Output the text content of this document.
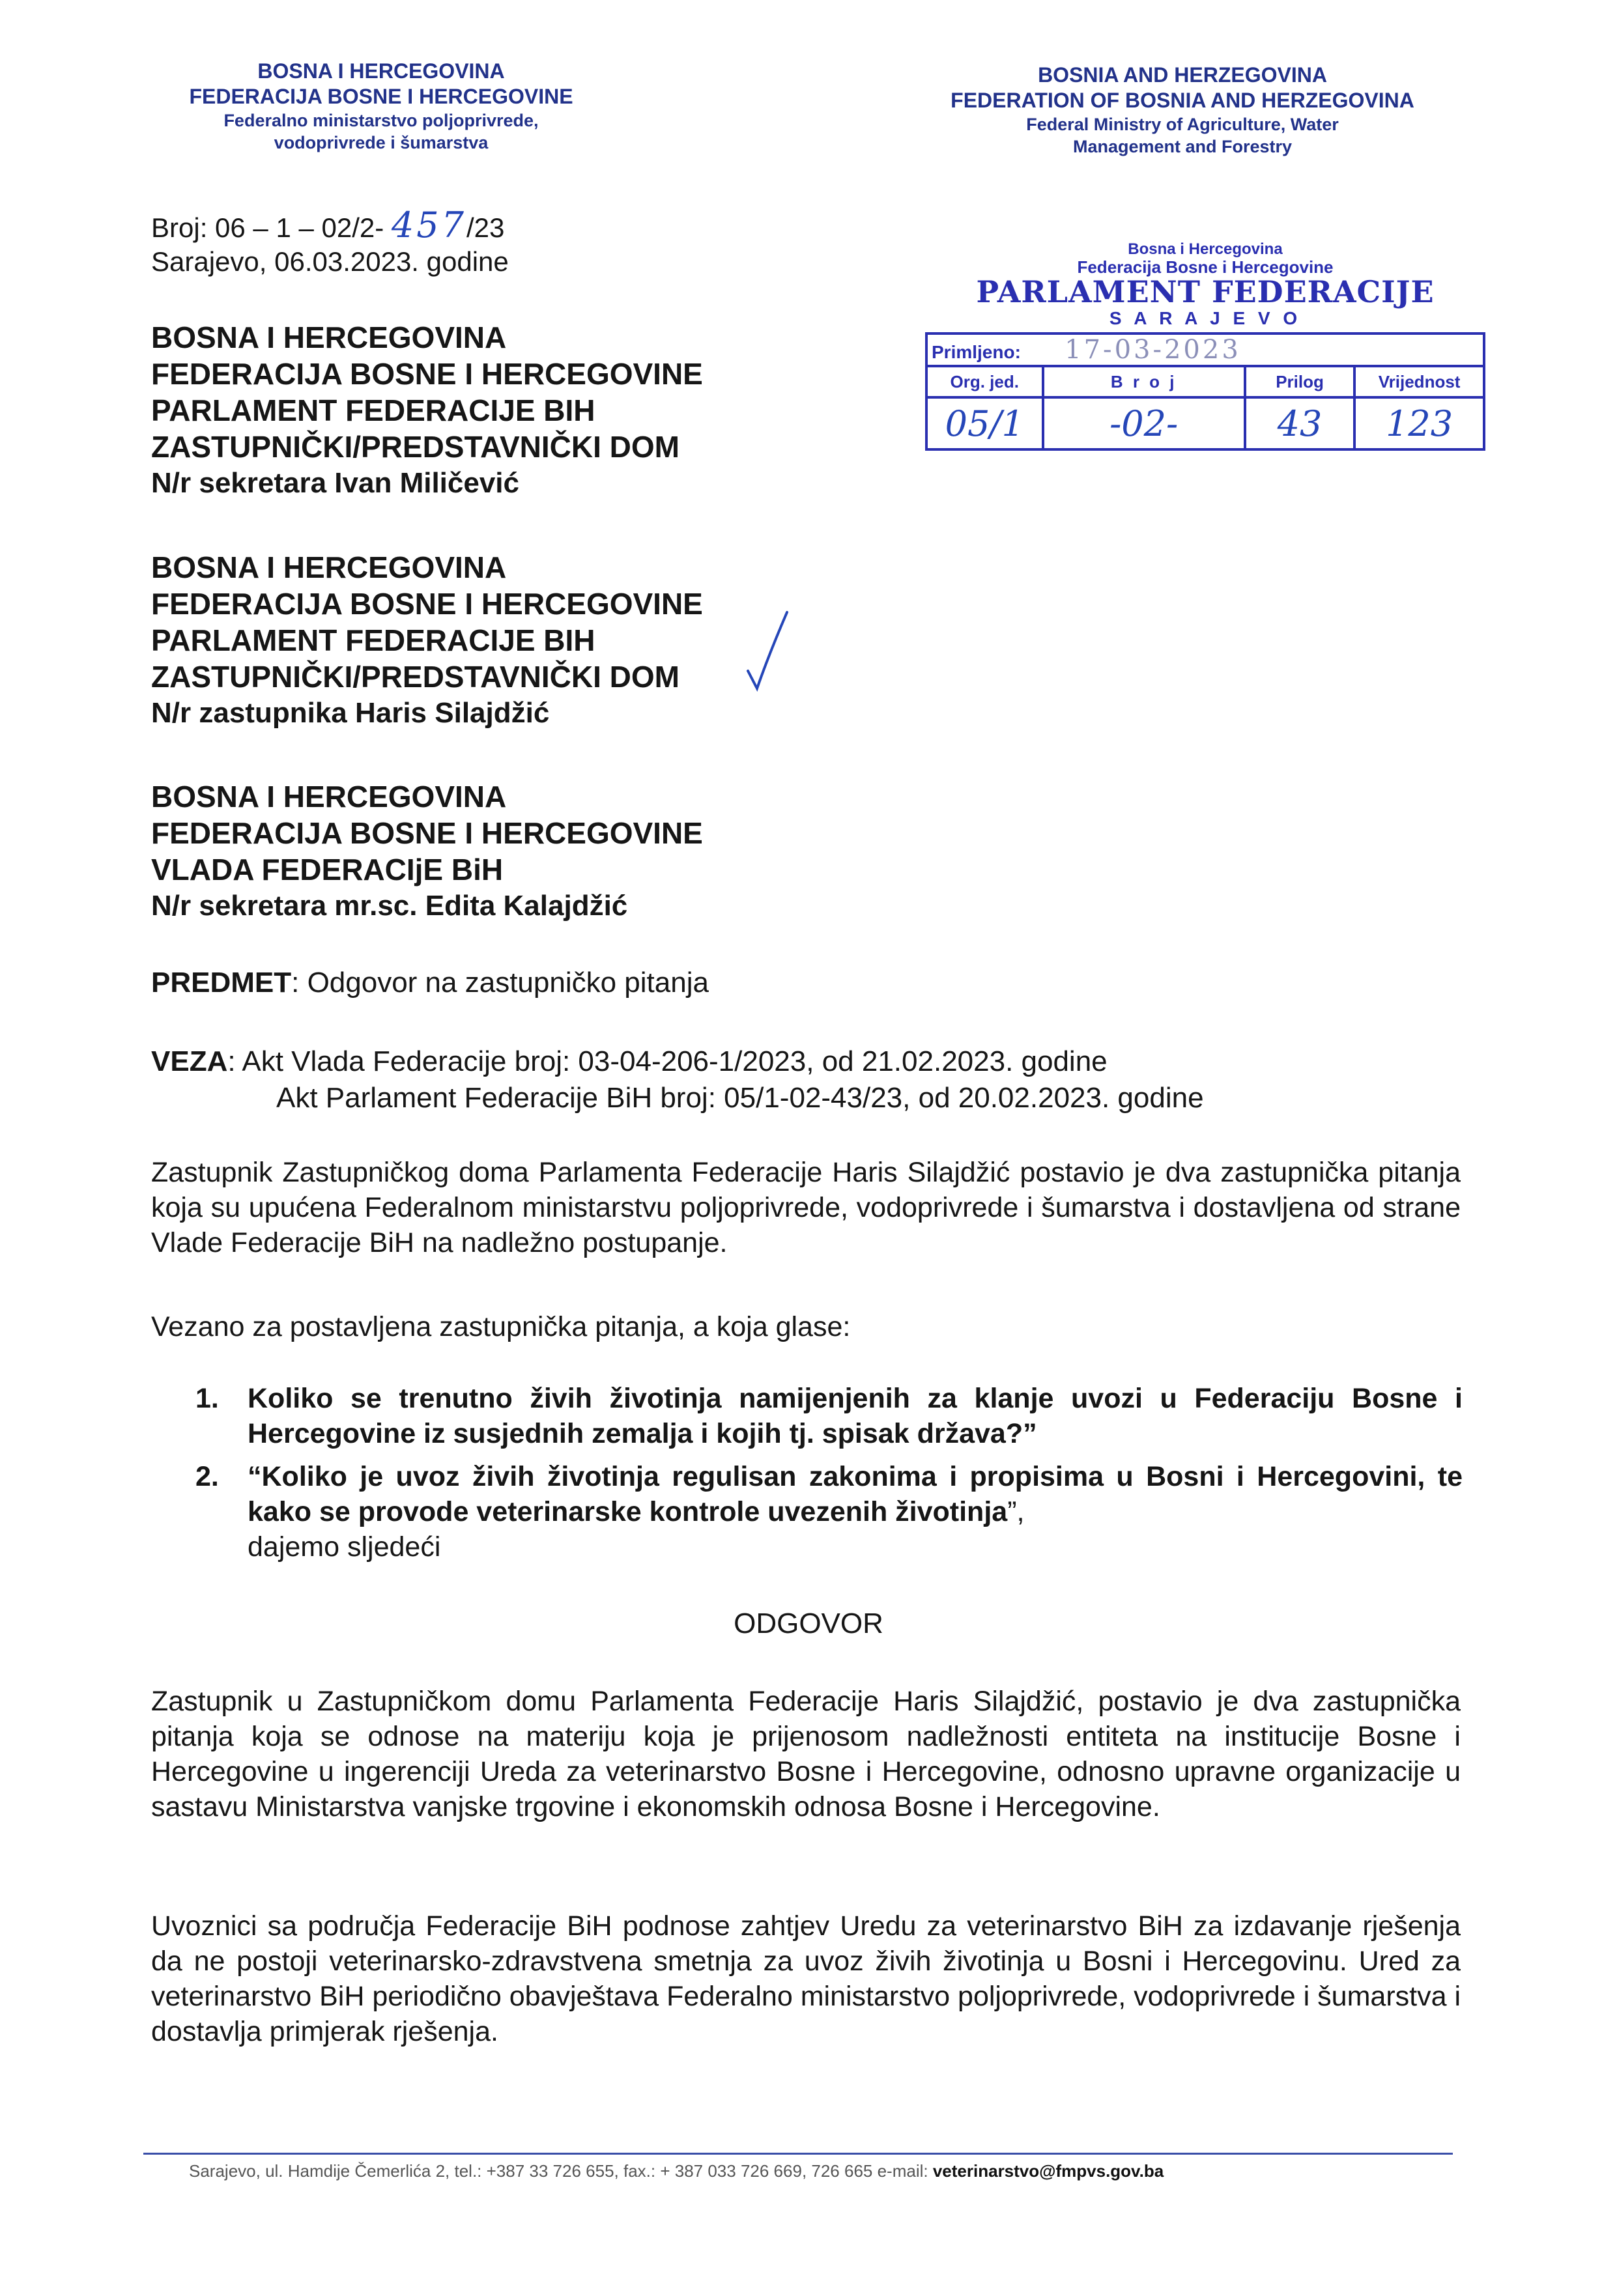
BOSNA I HERCEGOVINA
FEDERACIJA BOSNE I HERCEGOVINE
Federalno ministarstvo poljoprivrede,
vodoprivrede i šumarstva
BOSNIA AND HERZEGOVINA
FEDERATION OF BOSNIA AND HERZEGOVINA
Federal Ministry of Agriculture, Water
Management and Forestry
Broj: 06 – 1 – 02/2- 457/23
Sarajevo, 06.03.2023. godine	Bosna i Hercegovina
Federacija Bosne i Hercegovine
PARLAMENT FEDERACIJE
S A R A J E V O
Primljeno: 17-03-2023			
Org. jed.	B r o j	Prilog	Vrijednost
05/1	-02-	43	123
BOSNA I HERCEGOVINA
FEDERACIJA BOSNE I HERCEGOVINE
PARLAMENT FEDERACIJE BIH
ZASTUPNIČKI/PREDSTAVNIČKI DOM
N/r sekretara Ivan Miličević
BOSNA I HERCEGOVINA
FEDERACIJA BOSNE I HERCEGOVINE
PARLAMENT FEDERACIJE BIH
ZASTUPNIČKI/PREDSTAVNIČKI DOM
N/r zastupnika Haris Silajdžić
BOSNA I HERCEGOVINA
FEDERACIJA BOSNE I HERCEGOVINE
VLADA FEDERACIjE BiH
N/r sekretara mr.sc. Edita Kalajdžić
PREDMET: Odgovor na zastupničko pitanja
VEZA: Akt Vlada Federacije broj: 03-04-206-1/2023, od 21.02.2023. godine
Akt Parlament Federacije BiH broj: 05/1-02-43/23, od 20.02.2023. godine
Zastupnik Zastupničkog doma Parlamenta Federacije Haris Silajdžić postavio je dva zastupnička pitanja koja su upućena Federalnom ministarstvu poljoprivrede, vodoprivrede i šumarstva i dostavljena od strane Vlade Federacije BiH na nadležno postupanje.
Vezano za postavljena zastupnička pitanja, a koja glase:
1. Koliko se trenutno živih životinja namijenjenih za klanje uvozi u Federaciju Bosne i Hercegovine iz susjednih zemalja i kojih tj. spisak država?”
2. “Koliko je uvoz živih životinja regulisan zakonima i propisima u Bosni i Hercegovini, te kako se provode veterinarske kontrole uvezenih životinja”,
dajemo sljedeći
ODGOVOR
Zastupnik u Zastupničkom domu Parlamenta Federacije Haris Silajdžić, postavio je dva zastupnička pitanja koja se odnose na materiju koja je prijenosom nadležnosti entiteta na institucije Bosne i Hercegovine u ingerenciji Ureda za veterinarstvo Bosne i Hercegovine, odnosno upravne organizacije u sastavu Ministarstva vanjske trgovine i ekonomskih odnosa Bosne i Hercegovine.
Uvoznici sa područja Federacije BiH podnose zahtjev Uredu za veterinarstvo BiH za izdavanje rješenja da ne postoji veterinarsko-zdravstvena smetnja za uvoz živih životinja u Bosni i Hercegovinu. Ured za veterinarstvo BiH periodično obavještava Federalno ministarstvo poljoprivrede, vodoprivrede i šumarstva i dostavlja primjerak rješenja.
Sarajevo, ul. Hamdije Čemerlića 2, tel.: +387 33 726 655, fax.: + 387 033 726 669, 726 665 e-mail: veterinarstvo@fmpvs.gov.ba
